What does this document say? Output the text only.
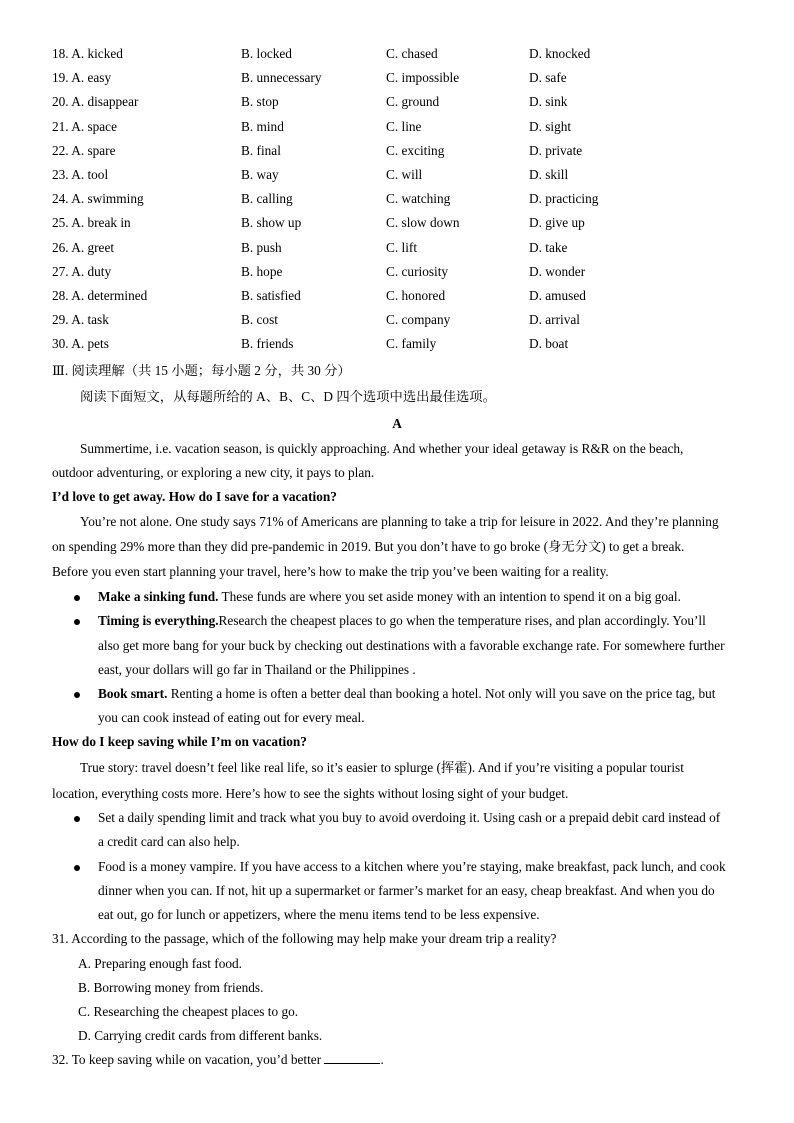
18. A. kicked	B. locked	C. chased	D. knocked
19. A. easy	B. unnecessary	C. impossible	D. safe
20. A. disappear	B. stop	C. ground	D. sink
21. A. space	B. mind	C. line	D. sight
22. A. spare	B. final	C. exciting	D. private
23. A. tool	B. way	C. will	D. skill
24. A. swimming	B. calling	C. watching	D. practicing
25. A. break in	B. show up	C. slow down	D. give up
26. A. greet	B. push	C. lift	D. take
27. A. duty	B. hope	C. curiosity	D. wonder
28. A. determined	B. satisfied	C. honored	D. amused
29. A. task	B. cost	C. company	D. arrival
30. A. pets	B. friends	C. family	D. boat
Ⅲ. 阅读理解（共 15 小题；每小题 2 分，共 30 分）
阅读下面短文，从每题所给的 A、B、C、D 四个选项中选出最佳选项。
A
Summertime, i.e. vacation season, is quickly approaching. And whether your ideal getaway is R&R on the beach,
outdoor adventuring, or exploring a new city, it pays to plan.
I’d love to get away. How do I save for a vacation?
You’re not alone. One study says 71% of Americans are planning to take a trip for leisure in 2022. And they’re planning
on spending 29% more than they did pre-pandemic in 2019. But you don’t have to go broke (身无分文) to get a break.
Before you even start planning your travel, here’s how to make the trip you’ve been waiting for a reality.
Make a sinking fund. These funds are where you set aside money with an intention to spend it on a big goal.
Timing is everything.Research the cheapest places to go when the temperature rises, and plan accordingly. You’ll
also get more bang for your buck by checking out destinations with a favorable exchange rate. For somewhere further
east, your dollars will go far in Thailand or the Philippines .
Book smart. Renting a home is often a better deal than booking a hotel. Not only will you save on the price tag, but
you can cook instead of eating out for every meal.
How do I keep saving while I’m on vacation?
True story: travel doesn’t feel like real life, so it’s easier to splurge (挥霍). And if you’re visiting a popular tourist
location, everything costs more. Here’s how to see the sights without losing sight of your budget.
Set a daily spending limit and track what you buy to avoid overdoing it. Using cash or a prepaid debit card instead of
a credit card can also help.
Food is a money vampire. If you have access to a kitchen where you’re staying, make breakfast, pack lunch, and cook
dinner when you can. If not, hit up a supermarket or farmer’s market for an easy, cheap breakfast. And when you do
eat out, go for lunch or appetizers, where the menu items tend to be less expensive.
31. According to the passage, which of the following may help make your dream trip a reality?
A. Preparing enough fast food.
B. Borrowing money from friends.
C. Researching the cheapest places to go.
D. Carrying credit cards from different banks.
32. To keep saving while on vacation, you’d better	.
